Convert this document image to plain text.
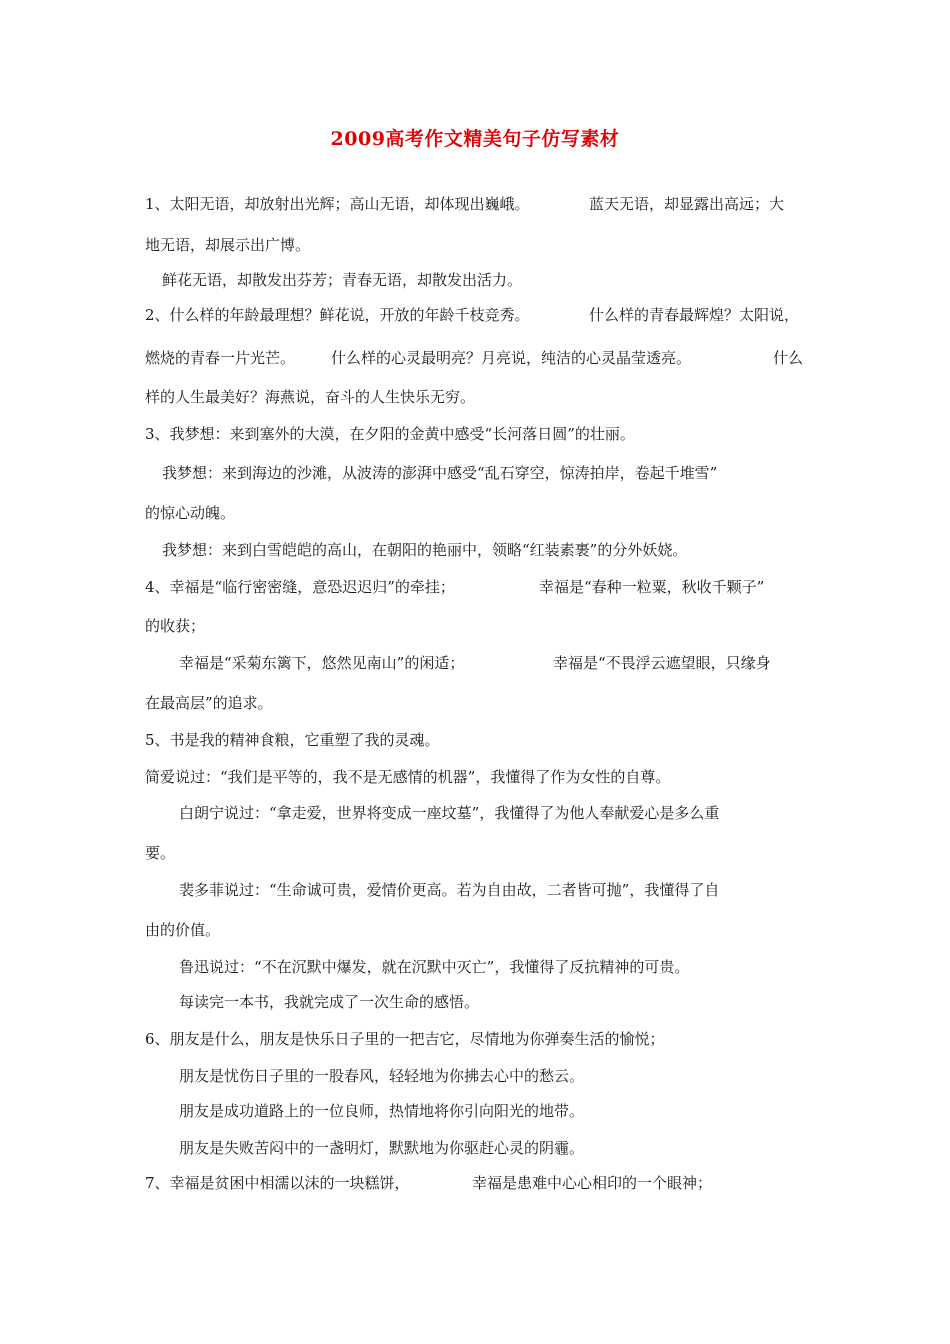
2009高考作文精美句子仿写素材
1、太阳无语，却放射出光辉；高山无语，却体现出巍峨。	蓝天无语，却显露出高远；大
地无语，却展示出广博。
鲜花无语，却散发出芬芳；青春无语，却散发出活力。
2、什么样的年龄最理想？鲜花说，开放的年龄千枝竞秀。	什么样的青春最辉煌？太阳说，
燃烧的青春一片光芒。 什么样的心灵最明亮？月亮说，纯洁的心灵晶莹透亮。	什么
样的人生最美好？海燕说，奋斗的人生快乐无穷。
3、我梦想：来到塞外的大漠，在夕阳的金黄中感受“长河落日圆”的壮丽。
我梦想：来到海边的沙滩，从波涛的澎湃中感受“乱石穿空，惊涛拍岸，卷起千堆雪”
的惊心动魄。
我梦想：来到白雪皑皑的高山，在朝阳的艳丽中，领略“红装素裹”的分外妖娆。
4、幸福是“临行密密缝，意恐迟迟归”的牵挂；	幸福是“春种一粒粟，秋收千颗子”
的收获；
幸福是“采菊东篱下，悠然见南山”的闲适；	幸福是“不畏浮云遮望眼，只缘身
在最高层”的追求。
5、书是我的精神食粮，它重塑了我的灵魂。
简爱说过：“我们是平等的，我不是无感情的机器”，我懂得了作为女性的自尊。
白朗宁说过：“拿走爱，世界将变成一座坟墓”，我懂得了为他人奉献爱心是多么重
要。
裴多菲说过：“生命诚可贵，爱情价更高。若为自由故，二者皆可抛”，我懂得了自
由的价值。
鲁迅说过：“不在沉默中爆发，就在沉默中灭亡”，我懂得了反抗精神的可贵。
每读完一本书，我就完成了一次生命的感悟。
6、朋友是什么，朋友是快乐日子里的一把吉它，尽情地为你弹奏生活的愉悦；
朋友是忧伤日子里的一股春风，轻轻地为你拂去心中的愁云。
朋友是成功道路上的一位良师，热情地将你引向阳光的地带。
朋友是失败苦闷中的一盏明灯，默默地为你驱赶心灵的阴霾。
7、幸福是贫困中相濡以沫的一块糕饼，	幸福是患难中心心相印的一个眼神；
